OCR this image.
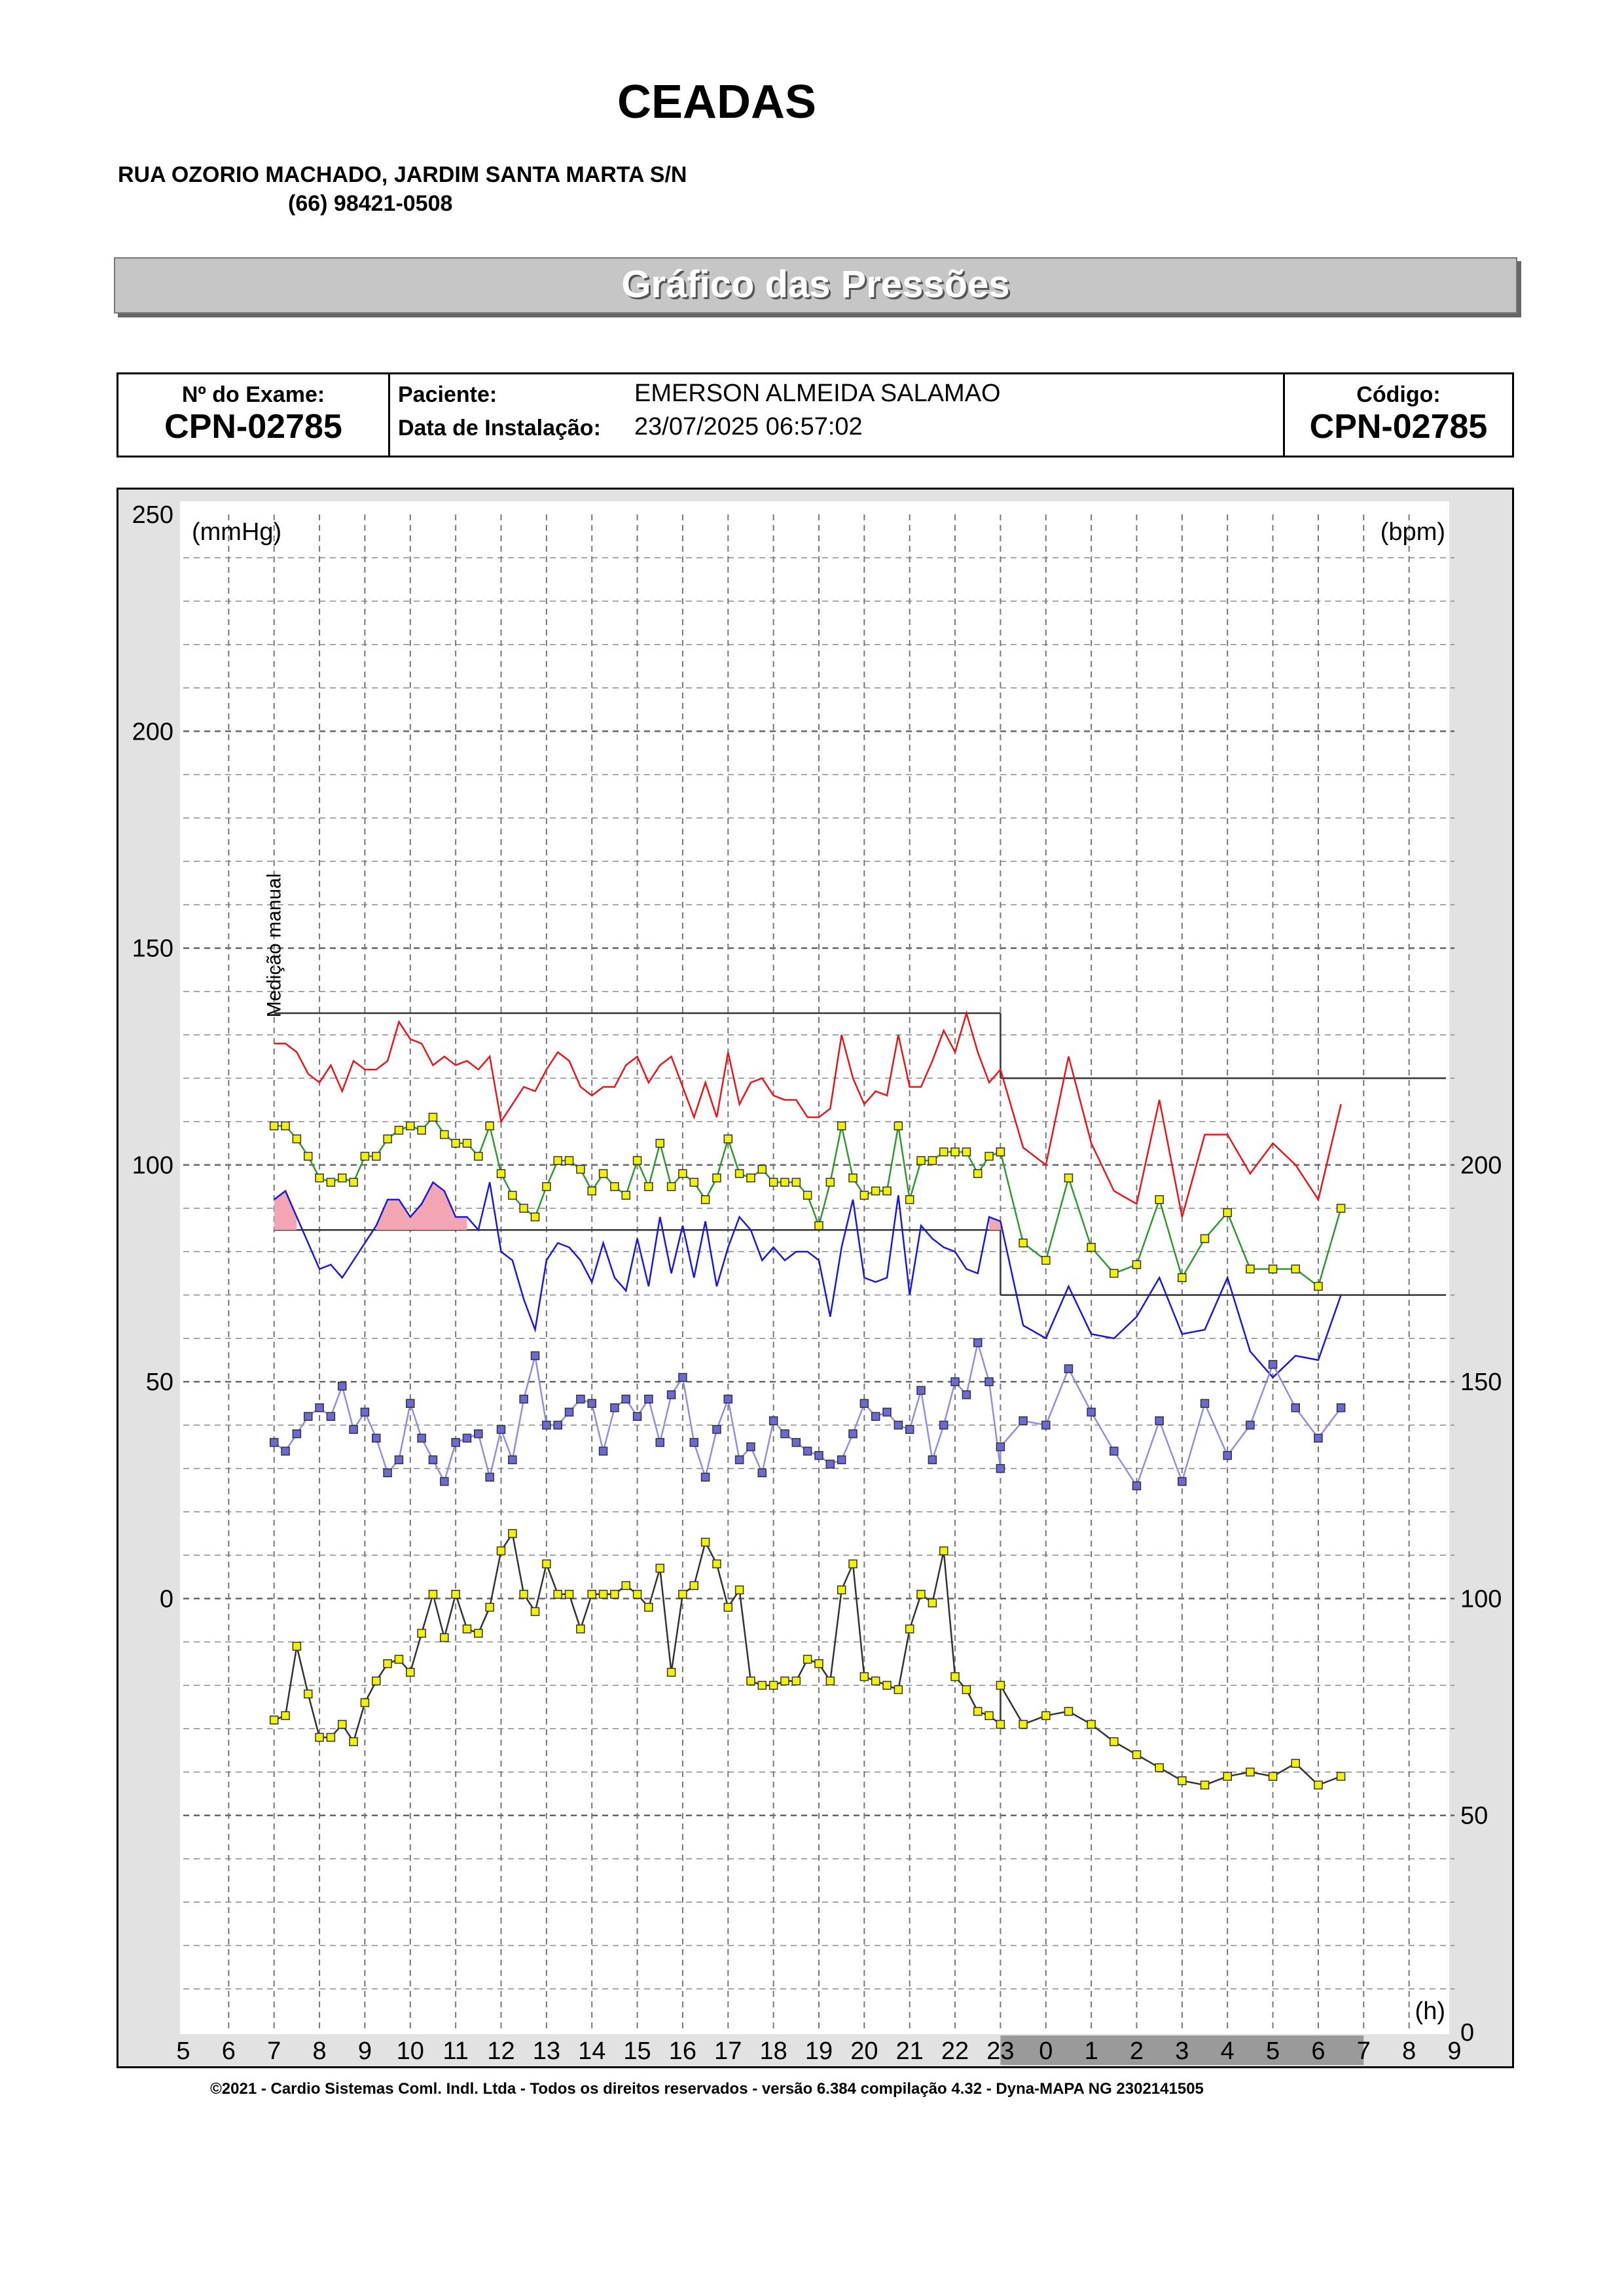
CEADAS
RUA OZORIO MACHADO, JARDIM SANTA MARTA S/N
(66) 98421-0508
Gráfico das Pressões
Nº do Exame:
CPN-02785
Paciente:	EMERSON ALMEIDA SALAMAO
Data de Instalação: 23/07/2025 06:57:02
Código:
CPN-02785
250
200
150
100
50
0
200
150
100
50
0
5 6 7 8 9 10 11 12 13 14 15 16 17 18 19 20 21 22 23 0 1 2 3 4 5 6 7 8 9
(mmHg)	(bpm)
(h)
Medição manual
©2021 - Cardio Sistemas Coml. Indl. Ltda - Todos os direitos reservados - versão 6.384 compilação 4.32 - Dyna-MAPA NG 2302141505
